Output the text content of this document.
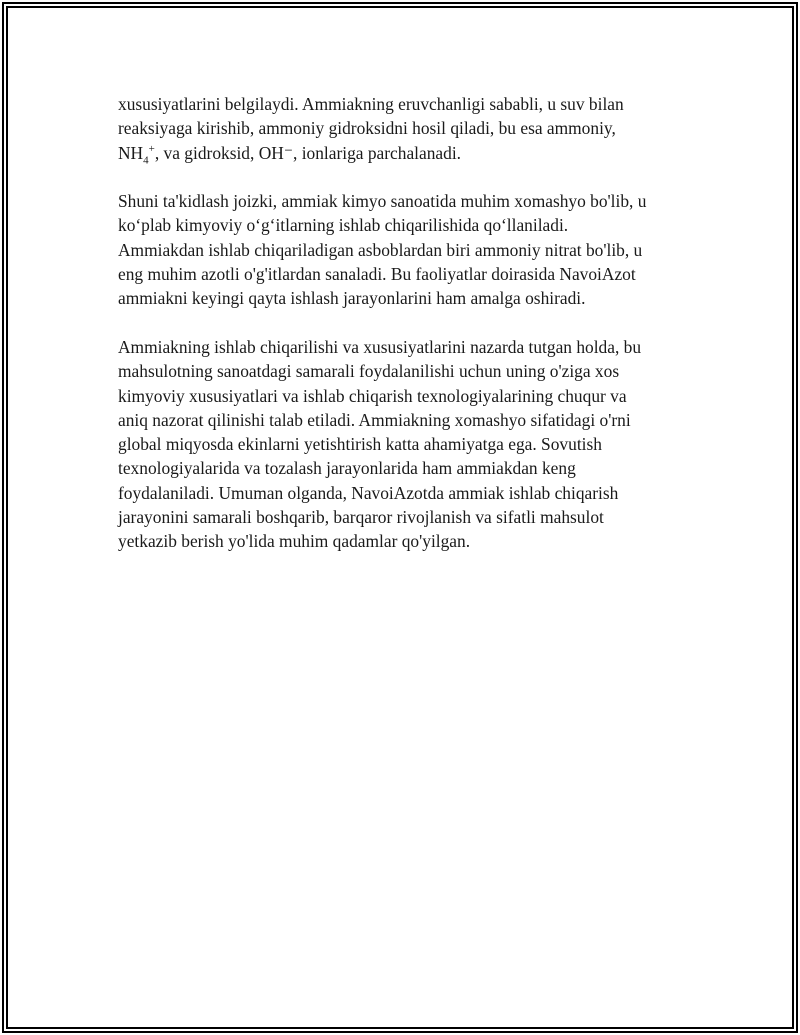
xususiyatlarini belgilaydi. Ammiakning eruvchanligi sababli, u suv bilan
reaksiyaga kirishib, ammoniy gidroksidni hosil qiladi, bu esa ammoniy,
$NH_4^+$, va gidroksid, OH⁻, ionlariga parchalanadi.

Shuni ta'kidlash joizki, ammiak kimyo sanoatida muhim xomashyo bo'lib, u
ko‘plab kimyoviy o‘g‘itlarning ishlab chiqarilishida qo‘llaniladi.
Ammiakdan ishlab chiqariladigan asboblardan biri ammoniy nitrat bo'lib, u
eng muhim azotli o'g'itlardan sanaladi. Bu faoliyatlar doirasida NavoiAzot
ammiakni keyingi qayta ishlash jarayonlarini ham amalga oshiradi.

Ammiakning ishlab chiqarilishi va xususiyatlarini nazarda tutgan holda, bu
mahsulotning sanoatdagi samarali foydalanilishi uchun uning o'ziga xos
kimyoviy xususiyatlari va ishlab chiqarish texnologiyalarining chuqur va
aniq nazorat qilinishi talab etiladi. Ammiakning xomashyo sifatidagi o'rni
global miqyosda ekinlarni yetishtirish katta ahamiyatga ega. Sovutish
texnologiyalarida va tozalash jarayonlarida ham ammiakdan keng
foydalaniladi. Umuman olganda, NavoiAzotda ammiak ishlab chiqarish
jarayonini samarali boshqarib, barqaror rivojlanish va sifatli mahsulot
yetkazib berish yo'lida muhim qadamlar qo'yilgan.
